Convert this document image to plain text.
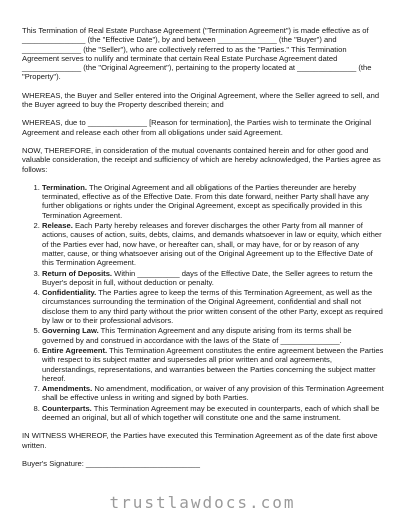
This Termination of Real Estate Purchase Agreement ("Termination Agreement") is made effective as of _______________ (the "Effective Date"), by and between ______________ (the "Buyer") and ______________ (the "Seller"), who are collectively referred to as the "Parties." This Termination Agreement serves to nullify and terminate that certain Real Estate Purchase Agreement dated ______________ (the "Original Agreement"), pertaining to the property located at ______________ (the "Property").

WHEREAS, the Buyer and Seller entered into the Original Agreement, where the Seller agreed to sell, and the Buyer agreed to buy the Property described therein; and

WHEREAS, due to ______________ [Reason for termination], the Parties wish to terminate the Original Agreement and release each other from all obligations under said Agreement.

NOW, THEREFORE, in consideration of the mutual covenants contained herein and for other good and valuable consideration, the receipt and sufficiency of which are hereby acknowledged, the Parties agree as follows:

1. Termination. The Original Agreement and all obligations of the Parties thereunder are hereby terminated, effective as of the Effective Date. From this date forward, neither Party shall have any further obligations or rights under the Original Agreement, except as specifically provided in this Termination Agreement.
2. Release. Each Party hereby releases and forever discharges the other Party from all manner of actions, causes of action, suits, debts, claims, and demands whatsoever in law or equity, which either of the Parties ever had, now have, or hereafter can, shall, or may have, for or by reason of any matter, cause, or thing whatsoever arising out of the Original Agreement up to the Effective Date of this Termination Agreement.
3. Return of Deposits. Within __________ days of the Effective Date, the Seller agrees to return the Buyer's deposit in full, without deduction or penalty.
4. Confidentiality. The Parties agree to keep the terms of this Termination Agreement, as well as the circumstances surrounding the termination of the Original Agreement, confidential and shall not disclose them to any third party without the prior written consent of the other Party, except as required by law or to their professional advisors.
5. Governing Law. This Termination Agreement and any dispute arising from its terms shall be governed by and construed in accordance with the laws of the State of ______________.
6. Entire Agreement. This Termination Agreement constitutes the entire agreement between the Parties with respect to its subject matter and supersedes all prior written and oral agreements, understandings, representations, and warranties between the Parties concerning the subject matter hereof.
7. Amendments. No amendment, modification, or waiver of any provision of this Termination Agreement shall be effective unless in writing and signed by both Parties.
8. Counterparts. This Termination Agreement may be executed in counterparts, each of which shall be deemed an original, but all of which together will constitute one and the same instrument.

IN WITNESS WHEREOF, the Parties have executed this Termination Agreement as of the date first above written.

Buyer's Signature: ___________________________

trustlawdocs.com
